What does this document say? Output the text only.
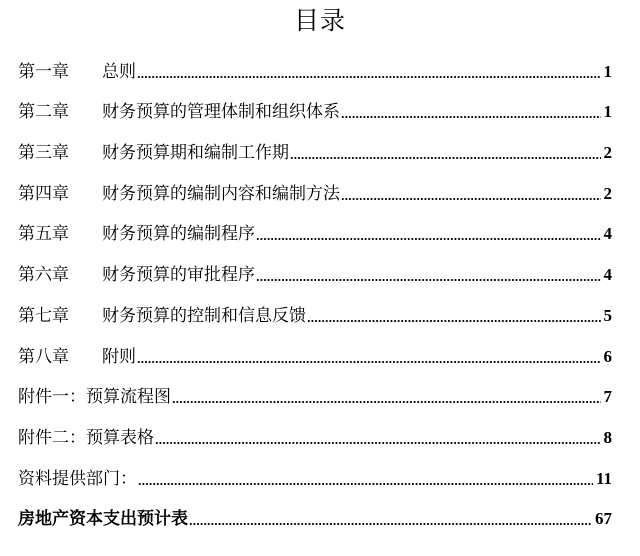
目录
第一章	总则	1
第二章	财务预算的管理体制和组织体系	1
第三章	财务预算期和编制工作期	2
第四章	财务预算的编制内容和编制方法	2
第五章	财务预算的编制程序	4
第六章	财务预算的审批程序	4
第七章	财务预算的控制和信息反馈	5
第八章	附则	6
附件一：预算流程图	7
附件二：预算表格	8
资料提供部门：	11
房地产资本支出预计表	67
